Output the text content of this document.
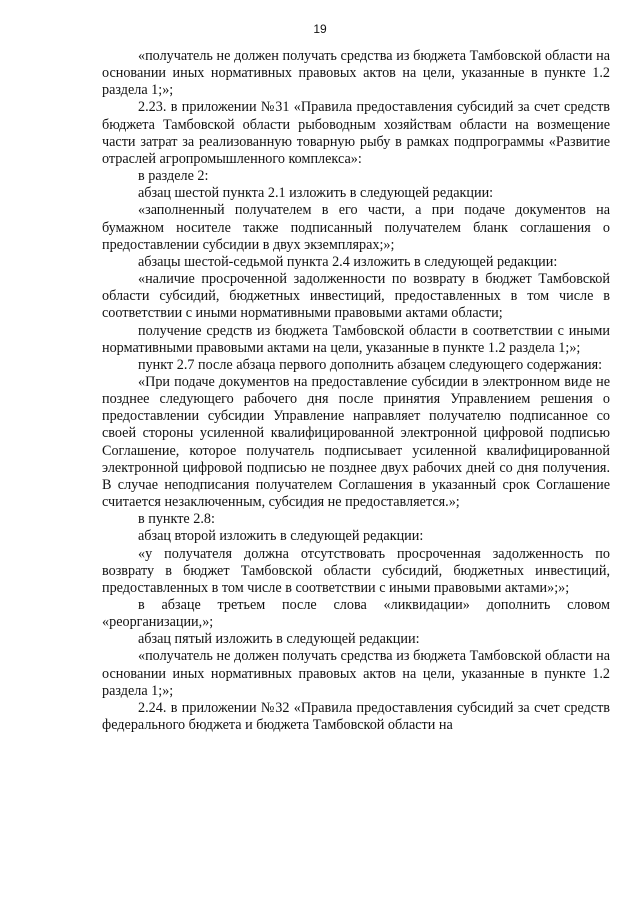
19

«получатель не должен получать средства из бюджета Тамбовской области на основании иных нормативных правовых актов на цели, указанные в пункте 1.2 раздела 1;»;

2.23. в приложении №31 «Правила предоставления субсидий за счет средств бюджета Тамбовской области рыбоводным хозяйствам области на возмещение части затрат за реализованную товарную рыбу в рамках подпрограммы «Развитие отраслей агропромышленного комплекса»:

в разделе 2:

абзац шестой пункта 2.1 изложить в следующей редакции:

«заполненный получателем в его части, а при подаче документов на бумажном носителе также подписанный получателем бланк соглашения о предоставлении субсидии в двух экземплярах;»;

абзацы шестой-седьмой пункта 2.4 изложить в следующей редакции:

«наличие просроченной задолженности по возврату в бюджет Тамбовской области субсидий, бюджетных инвестиций, предоставленных в том числе в соответствии с иными нормативными правовыми актами области;

получение средств из бюджета Тамбовской области в соответствии с иными нормативными правовыми актами на цели, указанные в пункте 1.2 раздела 1;»;

пункт 2.7 после абзаца первого дополнить абзацем следующего содержания:

«При подаче документов на предоставление субсидии в электронном виде не позднее следующего рабочего дня после принятия Управлением решения о предоставлении субсидии Управление направляет получателю подписанное со своей стороны усиленной квалифицированной электронной цифровой подписью Соглашение, которое получатель подписывает усиленной квалифицированной электронной цифровой подписью не позднее двух рабочих дней со дня получения. В случае неподписания получателем Соглашения в указанный срок Соглашение считается незаключенным, субсидия не предоставляется.»;

в пункте 2.8:

абзац второй изложить в следующей редакции:

«у получателя должна отсутствовать просроченная задолженность по возврату в бюджет Тамбовской области субсидий, бюджетных инвестиций, предоставленных в том числе в соответствии с иными правовыми актами»;»;

в абзаце третьем после слова «ликвидации» дополнить словом «реорганизации,»;

абзац пятый изложить в следующей редакции:

«получатель не должен получать средства из бюджета Тамбовской области на основании иных нормативных правовых актов на цели, указанные в пункте 1.2 раздела 1;»;

2.24. в приложении №32 «Правила предоставления субсидий за счет средств федерального бюджета и бюджета Тамбовской области на
